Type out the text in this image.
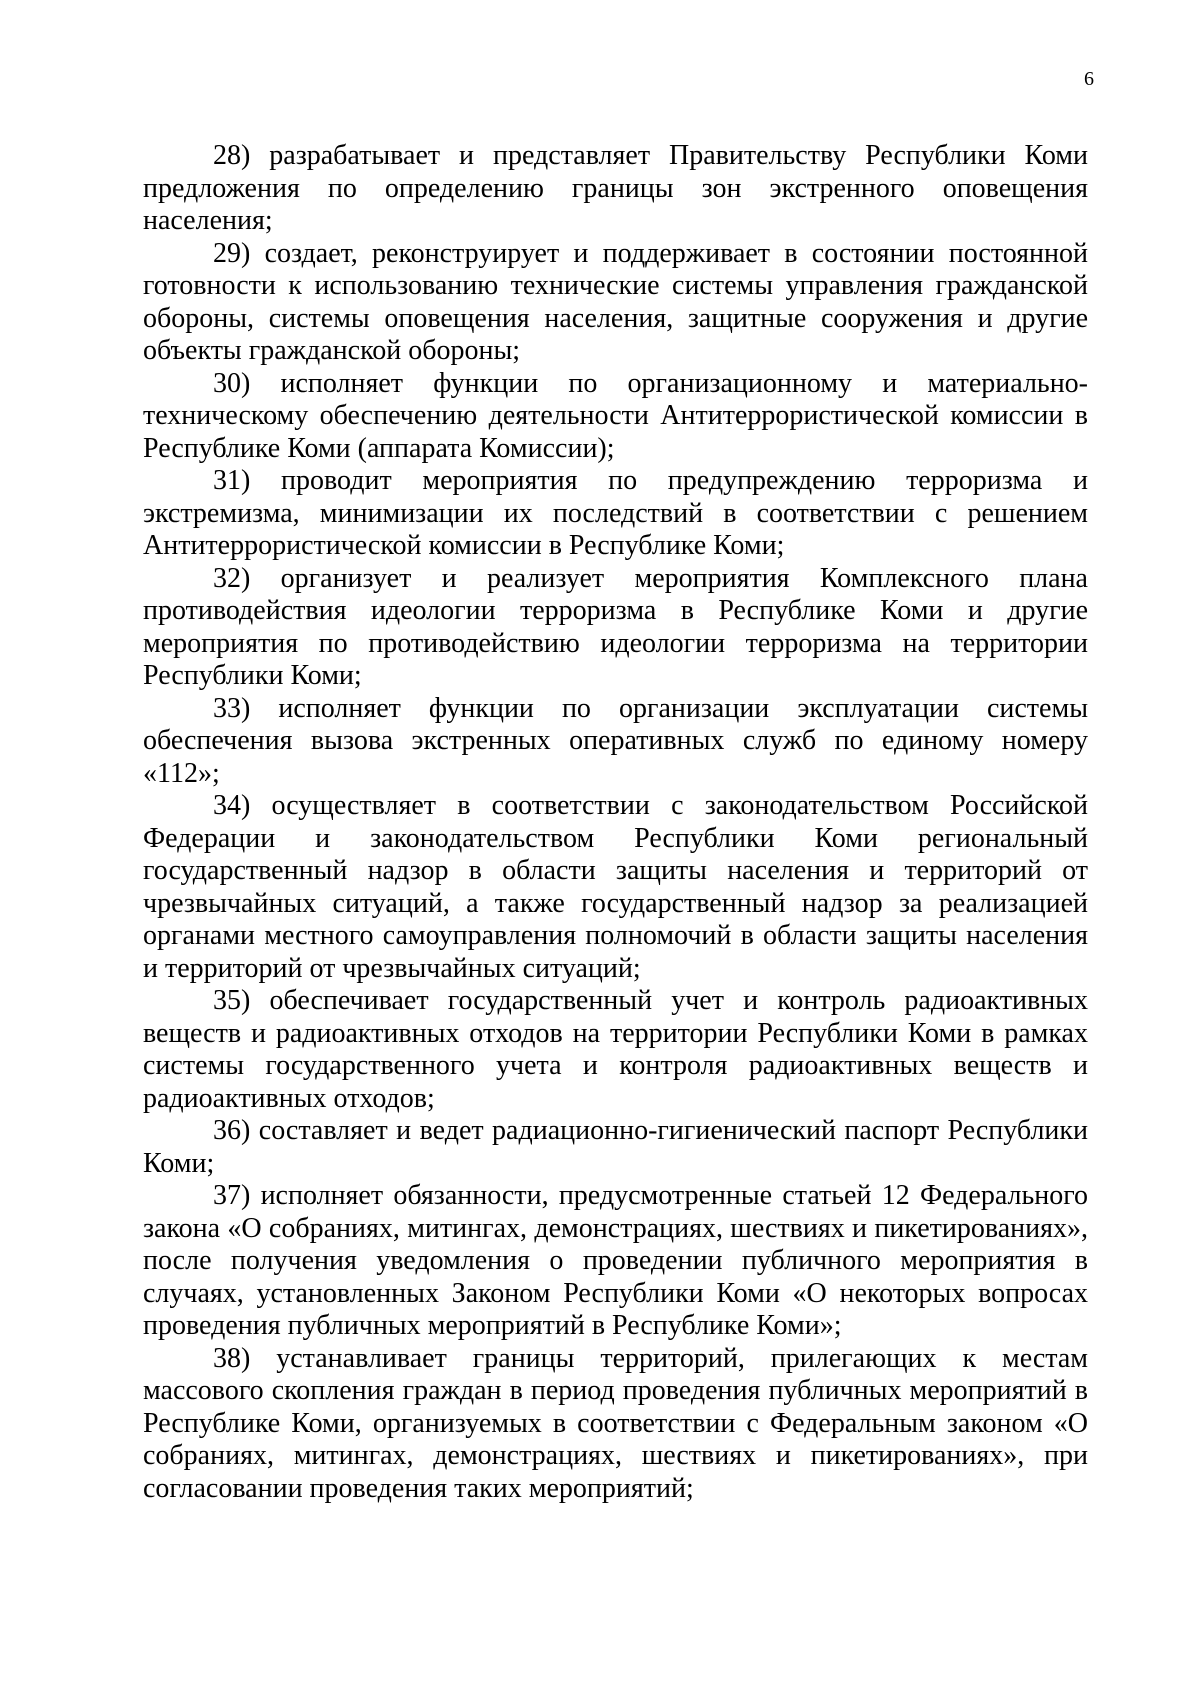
6

28) разрабатывает и представляет Правительству Республики Коми предложения по определению границы зон экстренного оповещения населения;

29) создает, реконструирует и поддерживает в состоянии постоянной готовности к использованию технические системы управления гражданской обороны, системы оповещения населения, защитные сооружения и другие объекты гражданской обороны;

30) исполняет функции по организационному и материально-техническому обеспечению деятельности Антитеррористической комиссии в Республике Коми (аппарата Комиссии);

31) проводит мероприятия по предупреждению терроризма и экстремизма, минимизации их последствий в соответствии с решением Антитеррористической комиссии в Республике Коми;

32) организует и реализует мероприятия Комплексного плана противодействия идеологии терроризма в Республике Коми и другие мероприятия по противодействию идеологии терроризма на территории Республики Коми;

33) исполняет функции по организации эксплуатации системы обеспечения вызова экстренных оперативных служб по единому номеру «112»;

34) осуществляет в соответствии с законодательством Российской Федерации и законодательством Республики Коми региональный государственный надзор в области защиты населения и территорий от чрезвычайных ситуаций, а также государственный надзор за реализацией органами местного самоуправления полномочий в области защиты населения и территорий от чрезвычайных ситуаций;

35) обеспечивает государственный учет и контроль радиоактивных веществ и радиоактивных отходов на территории Республики Коми в рамках системы государственного учета и контроля радиоактивных веществ и радиоактивных отходов;

36) составляет и ведет радиационно-гигиенический паспорт Республики Коми;

37) исполняет обязанности, предусмотренные статьей 12 Федерального закона «О собраниях, митингах, демонстрациях, шествиях и пикетированиях», после получения уведомления о проведении публичного мероприятия в случаях, установленных Законом Республики Коми «О некоторых вопросах проведения публичных мероприятий в Республике Коми»;

38) устанавливает границы территорий, прилегающих к местам массового скопления граждан в период проведения публичных мероприятий в Республике Коми, организуемых в соответствии с Федеральным законом «О собраниях, митингах, демонстрациях, шествиях и пикетированиях», при согласовании проведения таких мероприятий;
